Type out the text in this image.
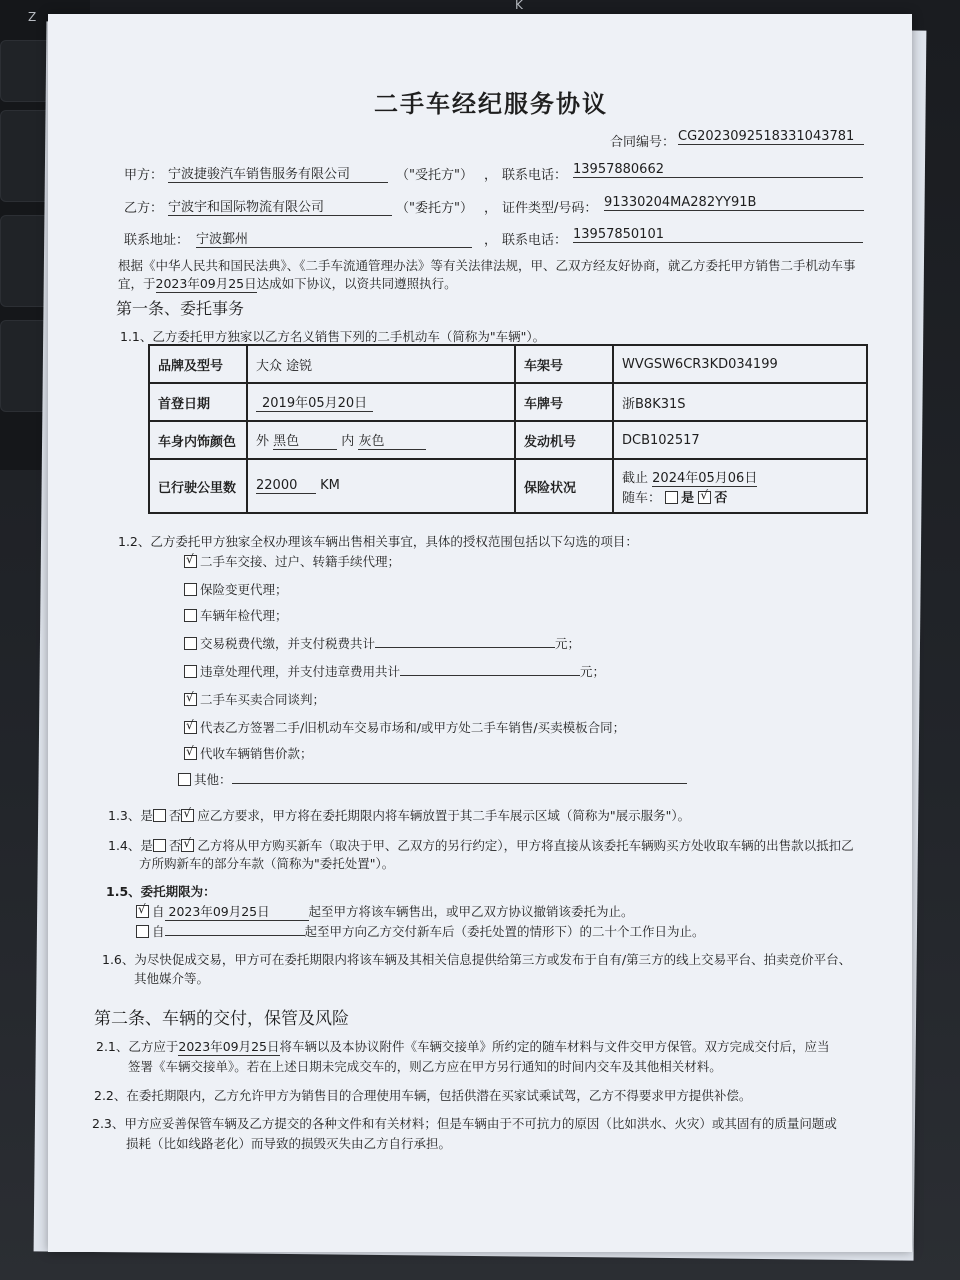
Z
K
二手车经纪服务协议
合同编号： CG2023092518331043781
甲方： 宁波捷骏汽车销售服务有限公司	（"受托方"） ， 联系电话： 13957880662
乙方： 宁波宇和国际物流有限公司	（"委托方"） ， 证件类型/号码： 91330204MA282YY91B
联系地址： 宁波鄞州	， 联系电话： 13957850101
根据《中华人民共和国民法典》、《二手车流通管理办法》等有关法律法规，甲、乙双方经友好协商，就乙方委托甲方销售二手机动车事
宜，于2023年09月25日达成如下协议，以资共同遵照执行。
第一条、委托事务
1.1、乙方委托甲方独家以乙方名义销售下列的二手机动车（简称为"车辆"）。
品牌及型号	大众 途锐	车架号	WVGSW6CR3KD034199
首登日期	2019年05月20日	车牌号	浙B8K31S
车身内饰颜色	外 黑色 内 灰色	发动机号	DCB102517
已行驶公里数	22000 KM	保险状况	截止 2024年05月06日
随车： 是 √ 否
1.2、乙方委托甲方独家全权办理该车辆出售相关事宜，具体的授权范围包括以下勾选的项目：
1.3、是 否 √ 应乙方要求，甲方将在委托期限内将车辆放置于其二手车展示区域（简称为"展示服务"）。
1.4、是 否 √ 乙方将从甲方购买新车（取决于甲、乙双方的另行约定），甲方将直接从该委托车辆购买方处收取车辆的出售款以抵扣乙
方所购新车的部分车款（简称为"委托处置"）。
1.5、委托期限为：
√自 2023年09月25日	起至甲方将该车辆售出，或甲乙双方协议撤销该委托为止。
自	起至甲方向乙方交付新车后（委托处置的情形下）的二十个工作日为止。
1.6、为尽快促成交易，甲方可在委托期限内将该车辆及其相关信息提供给第三方或发布于自有/第三方的线上交易平台、拍卖竞价平台、
其他媒介等。
第二条、车辆的交付，保管及风险
2.1、乙方应于2023年09月25日将车辆以及本协议附件《车辆交接单》所约定的随车材料与文件交甲方保管。双方完成交付后，应当
签署《车辆交接单》。若在上述日期未完成交车的，则乙方应在甲方另行通知的时间内交车及其他相关材料。
2.2、在委托期限内，乙方允许甲方为销售目的合理使用车辆，包括供潜在买家试乘试驾，乙方不得要求甲方提供补偿。
2.3、甲方应妥善保管车辆及乙方提交的各种文件和有关材料；但是车辆由于不可抗力的原因（比如洪水、火灾）或其固有的质量问题或
损耗（比如线路老化）而导致的损毁灭失由乙方自行承担。
√二手车交接、过户、转籍手续代理；
保险变更代理；
车辆年检代理；
交易税费代缴，并支付税费共计	元；
违章处理代理，并支付违章费用共计	元；
√二手车买卖合同谈判；
√代表乙方签署二手/旧机动车交易市场和/或甲方处二手车销售/买卖模板合同；
√代收车辆销售价款；
其他：
